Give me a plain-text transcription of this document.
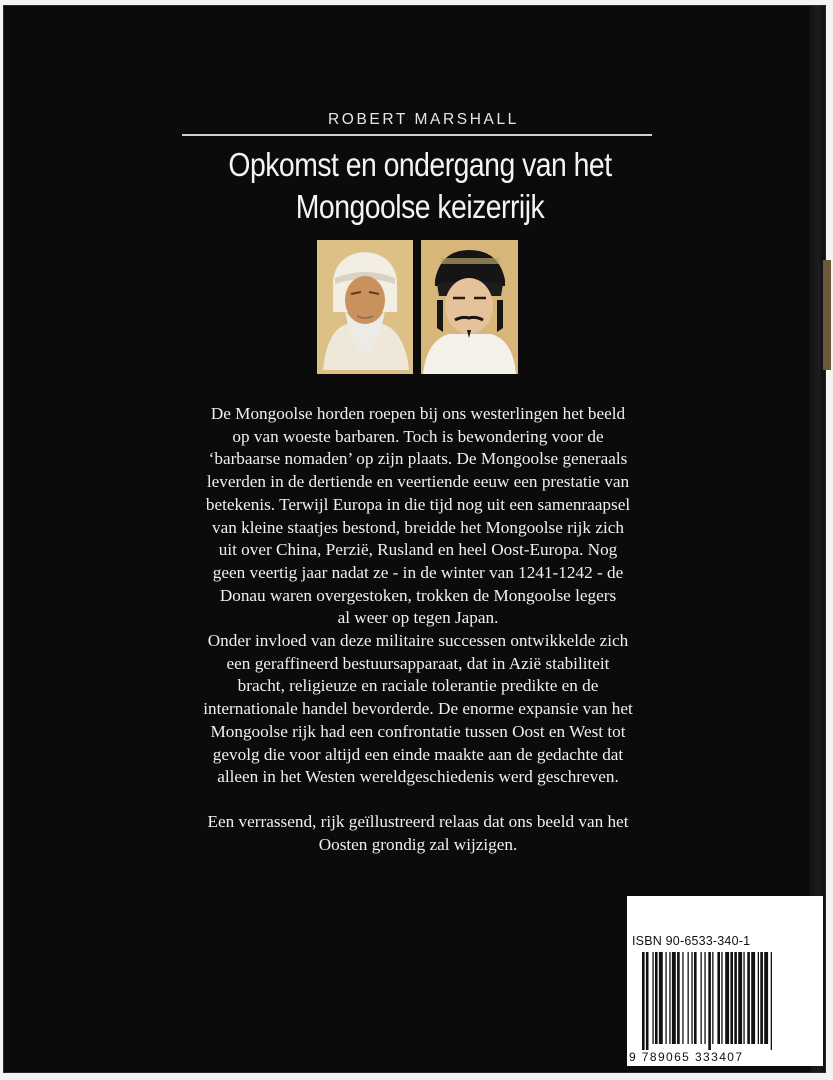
ROBERT MARSHALL
Opkomst en ondergang van het
Mongoolse keizerrijk

De Mongoolse horden roepen bij ons westerlingen het beeld

op van woeste barbaren. Toch is bewondering voor de

‘barbaarse nomaden’ op zijn plaats. De Mongoolse generaals

leverden in de dertiende en veertiende eeuw een prestatie van

betekenis. Terwijl Europa in die tijd nog uit een samenraapsel

van kleine staatjes bestond, breidde het Mongoolse rijk zich

uit over China, Perzië, Rusland en heel Oost-Europa. Nog

geen veertig jaar nadat ze - in de winter van 1241-1242 - de

Donau waren overgestoken, trokken de Mongoolse legers

al weer op tegen Japan.

Onder invloed van deze militaire successen ontwikkelde zich

een geraffineerd bestuursapparaat, dat in Azië stabiliteit

bracht, religieuze en raciale tolerantie predikte en de

internationale handel bevorderde. De enorme expansie van het

Mongoolse rijk had een confrontatie tussen Oost en West tot

gevolg die voor altijd een einde maakte aan de gedachte dat

alleen in het Westen wereldgeschiedenis werd geschreven.

Een verrassend, rijk geïllustreerd relaas dat ons beeld van het

Oosten grondig zal wijzigen.

ISBN 90-6533-340-1
9 789065 333407
